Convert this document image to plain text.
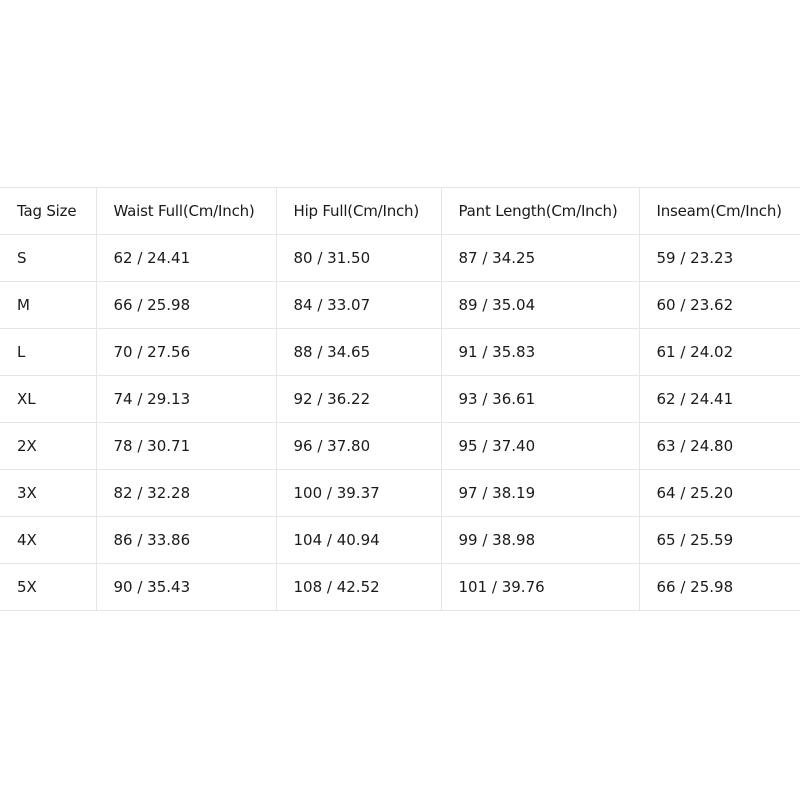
Tag Size	Waist Full(Cm/Inch)	Hip Full(Cm/Inch)	Pant Length(Cm/Inch)	Inseam(Cm/Inch)
S	62 / 24.41	80 / 31.50	87 / 34.25	59 / 23.23
M	66 / 25.98	84 / 33.07	89 / 35.04	60 / 23.62
L	70 / 27.56	88 / 34.65	91 / 35.83	61 / 24.02
XL	74 / 29.13	92 / 36.22	93 / 36.61	62 / 24.41
2X	78 / 30.71	96 / 37.80	95 / 37.40	63 / 24.80
3X	82 / 32.28	100 / 39.37	97 / 38.19	64 / 25.20
4X	86 / 33.86	104 / 40.94	99 / 38.98	65 / 25.59
5X	90 / 35.43	108 / 42.52	101 / 39.76	66 / 25.98
